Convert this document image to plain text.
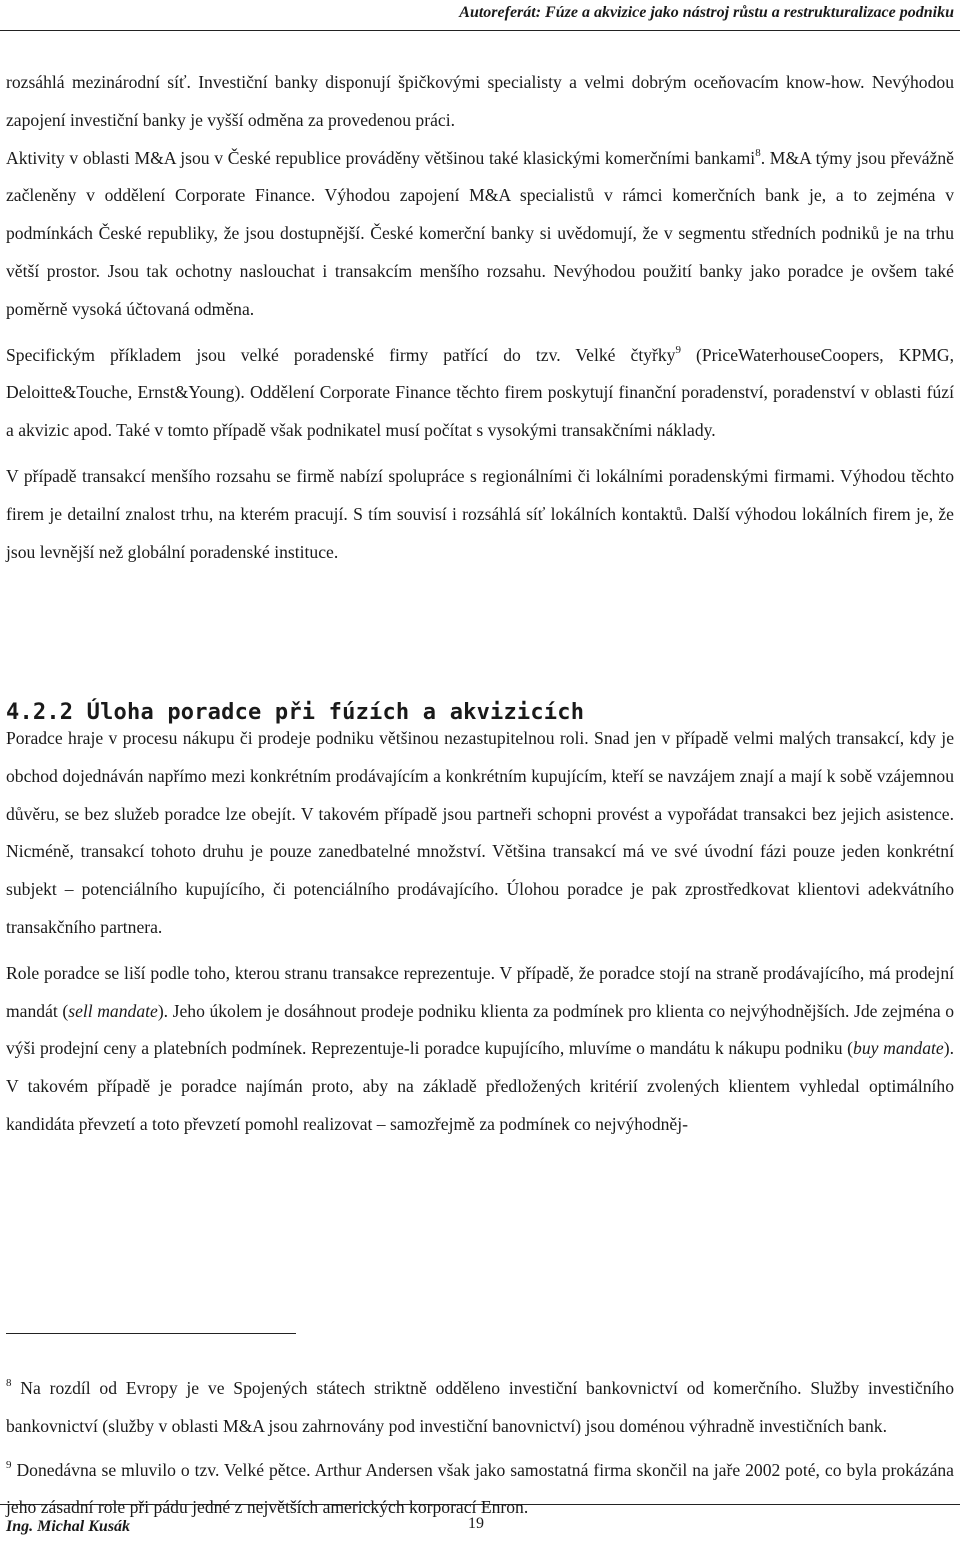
Autoreferát: Fúze a akvizice jako nástroj růstu a restrukturalizace podniku

rozsáhlá mezinárodní síť. Investiční banky disponují špičkovými specialisty a velmi dobrým oceňovacím know-how. Nevýhodou zapojení investiční banky je vyšší odměna za provedenou práci.

Aktivity v oblasti M&A jsou v České republice prováděny většinou také klasickými komerčními bankami$^8$. M&A týmy jsou převážně začleněny v oddělení Corporate Finance. Výhodou zapojení M&A specialistů v rámci komerčních bank je, a to zejména v podmínkách České republiky, že jsou dostupnější. České komerční banky si uvědomují, že v segmentu středních podniků je na trhu větší prostor. Jsou tak ochotny naslouchat i transakcím menšího rozsahu. Nevýhodou použití banky jako poradce je ovšem také poměrně vysoká účtovaná odměna.

Specifickým příkladem jsou velké poradenské firmy patřící do tzv. Velké čtyřky$^9$ (PriceWaterhouseCoopers, KPMG, Deloitte&Touche, Ernst&Young). Oddělení Corporate Finance těchto firem poskytují finanční poradenství, poradenství v oblasti fúzí a akvizic apod. Také v tomto případě však podnikatel musí počítat s vysokými transakčními náklady.

V případě transakcí menšího rozsahu se firmě nabízí spolupráce s regionálními či lokálními poradenskými firmami. Výhodou těchto firem je detailní znalost trhu, na kterém pracují. S tím souvisí i rozsáhlá síť lokálních kontaktů. Další výhodou lokálních firem je, že jsou levnější než globální poradenské instituce.

4.2.2 Úloha poradce při fúzích a akvizicích

Poradce hraje v procesu nákupu či prodeje podniku většinou nezastupitelnou roli. Snad jen v případě velmi malých transakcí, kdy je obchod dojednáván napřímo mezi konkrétním prodávajícím a konkrétním kupujícím, kteří se navzájem znají a mají k sobě vzájemnou důvěru, se bez služeb poradce lze obejít. V takovém případě jsou partneři schopni provést a vypořádat transakci bez jejich asistence. Nicméně, transakcí tohoto druhu je pouze zanedbatelné množství. Většina transakcí má ve své úvodní fázi pouze jeden konkrétní subjekt – potenciálního kupujícího, či potenciálního prodávajícího. Úlohou poradce je pak zprostředkovat klientovi adekvátního transakčního partnera.

Role poradce se liší podle toho, kterou stranu transakce reprezentuje. V případě, že poradce stojí na straně prodávajícího, má prodejní mandát (sell mandate). Jeho úkolem je dosáhnout prodeje podniku klienta za podmínek pro klienta co nejvýhodnějších. Jde zejména o výši prodejní ceny a platebních podmínek. Reprezentuje-li poradce kupujícího, mluvíme o mandátu k nákupu podniku (buy mandate). V takovém případě je poradce najímán proto, aby na základě předložených kritérií zvolených klientem vyhledal optimálního kandidáta převzetí a toto převzetí pomohl realizovat – samozřejmě za podmínek co nejvýhodněj-

$^8$ Na rozdíl od Evropy je ve Spojených státech striktně odděleno investiční bankovnictví od komerčního. Služby investičního bankovnictví (služby v oblasti M&A jsou zahrnovány pod investiční banovnictví) jsou doménou výhradně investičních bank.

$^9$ Donedávna se mluvilo o tzv. Velké pětce. Arthur Andersen však jako samostatná firma skončil na jaře 2002 poté, co byla prokázána jeho zásadní role při pádu jedné z největších amerických korporací Enron.

Ing. Michal Kusák	19
